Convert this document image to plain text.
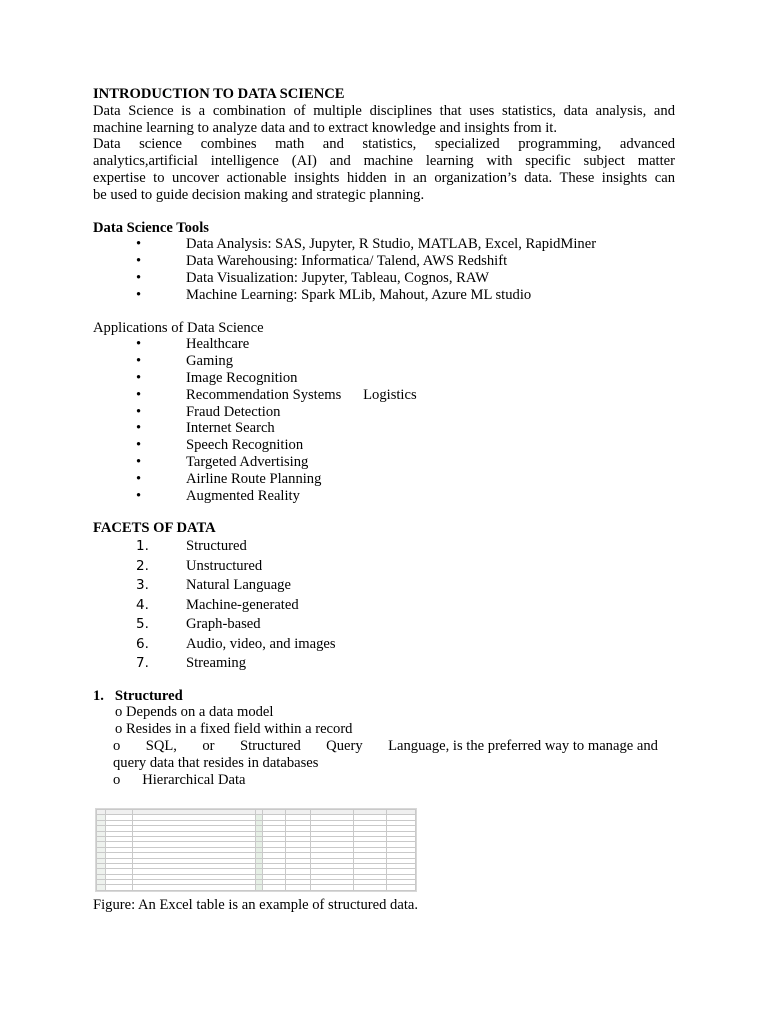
INTRODUCTION TO DATA SCIENCE
Data Science is a combination of multiple disciplines that uses statistics, data analysis, and
machine learning to analyze data and to extract knowledge and insights from it.
Data science combines math and statistics, specialized programming, advanced
analytics,artificial intelligence (AI) and machine learning with specific subject matter
expertise to uncover actionable insights hidden in an organization’s data. These insights can
be used to guide decision making and strategic planning.
Data Science Tools
•	Data Analysis: SAS, Jupyter, R Studio, MATLAB, Excel, RapidMiner
•	Data Warehousing: Informatica/ Talend, AWS Redshift
•	Data Visualization: Jupyter, Tableau, Cognos, RAW
•	Machine Learning: Spark MLib, Mahout, Azure ML studio
Applications of Data Science
•	Healthcare
•	Gaming
•	Image Recognition
•	Recommendation Systems      Logistics
•	Fraud Detection
•	Internet Search
•	Speech Recognition
•	Targeted Advertising
•	Airline Route Planning
•	Augmented Reality
FACETS OF DATA
1.	Structured
2.	Unstructured
3.	Natural Language
4.	Machine-generated
5.	Graph-based
6.	Audio, video, and images
7.	Streaming
1.   Structured
o Depends on a data model
o Resides in a fixed field within a record
o SQL, or Structured Query Language, is the preferred way to manage and
query data that resides in databases
o      Hierarchical Data

Figure: An Excel table is an example of structured data.
